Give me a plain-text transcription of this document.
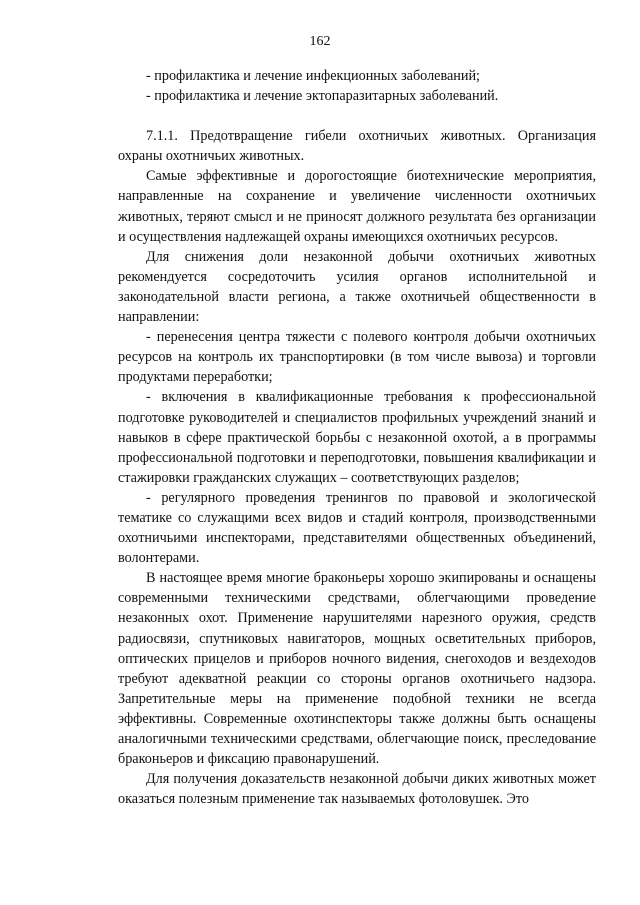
162

- профилактика и лечение инфекционных заболеваний;

- профилактика и лечение эктопаразитарных заболеваний.

7.1.1. Предотвращение гибели охотничьих животных. Организация охраны охотничьих животных.

Самые эффективные и дорогостоящие биотехнические мероприятия, направленные на сохранение и увеличение численности охотничьих животных, теряют смысл и не приносят должного результата без организации и осуществления надлежащей охраны имеющихся охотничьих ресурсов.

Для снижения доли незаконной добычи охотничьих животных рекомендуется сосредоточить усилия органов исполнительной и законодательной власти региона, а также охотничьей общественности в направлении:

- перенесения центра тяжести с полевого контроля добычи охотничьих ресурсов на контроль их транспортировки (в том числе вывоза) и торговли продуктами переработки;

- включения в квалификационные требования к профессиональной подготовке руководителей и специалистов профильных учреждений знаний и навыков в сфере практической борьбы с незаконной охотой, а в программы профессиональной подготовки и переподготовки, повышения квалификации и стажировки гражданских служащих – соответствующих разделов;

- регулярного проведения тренингов по правовой и экологической тематике со служащими всех видов и стадий контроля, производственными охотничьими инспекторами, представителями общественных объединений, волонтерами.

В настоящее время многие браконьеры хорошо экипированы и оснащены современными техническими средствами, облегчающими проведение незаконных охот. Применение нарушителями нарезного оружия, средств радиосвязи, спутниковых навигаторов, мощных осветительных приборов, оптических прицелов и приборов ночного видения, снегоходов и вездеходов требуют адекватной реакции со стороны органов охотничьего надзора. Запретительные меры на применение подобной техники не всегда эффективны. Современные охотинспекторы также должны быть оснащены аналогичными техническими средствами, облегчающие поиск, преследование браконьеров и фиксацию правонарушений.

Для получения доказательств незаконной добычи диких животных может оказаться полезным применение так называемых фотоловушек. Это
